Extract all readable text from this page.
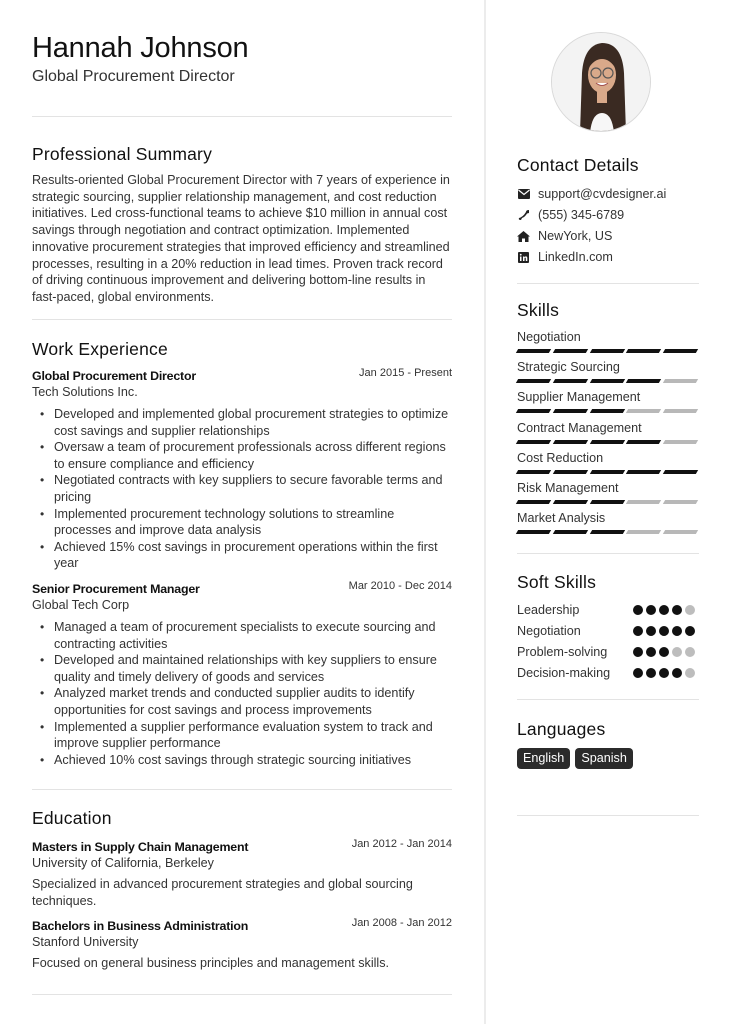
Hannah Johnson
Global Procurement Director
Professional Summary
Results-oriented Global Procurement Director with 7 years of experience in strategic sourcing, supplier relationship management, and cost reduction initiatives. Led cross-functional teams to achieve $10 million in annual cost savings through negotiation and contract optimization. Implemented innovative procurement strategies that improved efficiency and streamlined processes, resulting in a 20% reduction in lead times. Proven track record of driving continuous improvement and delivering bottom-line results in fast-paced, global environments.
Work Experience
Global Procurement Director	Jan 2015 - Present
Tech Solutions Inc.
• Developed and implemented global procurement strategies to optimize cost savings and supplier relationships
• Oversaw a team of procurement professionals across different regions to ensure compliance and efficiency
• Negotiated contracts with key suppliers to secure favorable terms and pricing
• Implemented procurement technology solutions to streamline processes and improve data analysis
• Achieved 15% cost savings in procurement operations within the first year
Senior Procurement Manager	Mar 2010 - Dec 2014
Global Tech Corp
• Managed a team of procurement specialists to execute sourcing and contracting activities
• Developed and maintained relationships with key suppliers to ensure quality and timely delivery of goods and services
• Analyzed market trends and conducted supplier audits to identify opportunities for cost savings and process improvements
• Implemented a supplier performance evaluation system to track and improve supplier performance
• Achieved 10% cost savings through strategic sourcing initiatives
Education
Masters in Supply Chain Management	Jan 2012 - Jan 2014
University of California, Berkeley
Specialized in advanced procurement strategies and global sourcing techniques.
Bachelors in Business Administration	Jan 2008 - Jan 2012
Stanford University
Focused on general business principles and management skills.
Contact Details
support@cvdesigner.ai
(555) 345-6789
NewYork, US
LinkedIn.com
Skills
Negotiation
Strategic Sourcing
Supplier Management
Contract Management
Cost Reduction
Risk Management
Market Analysis
Soft Skills
Leadership
Negotiation
Problem-solving
Decision-making
Languages
English	Spanish
